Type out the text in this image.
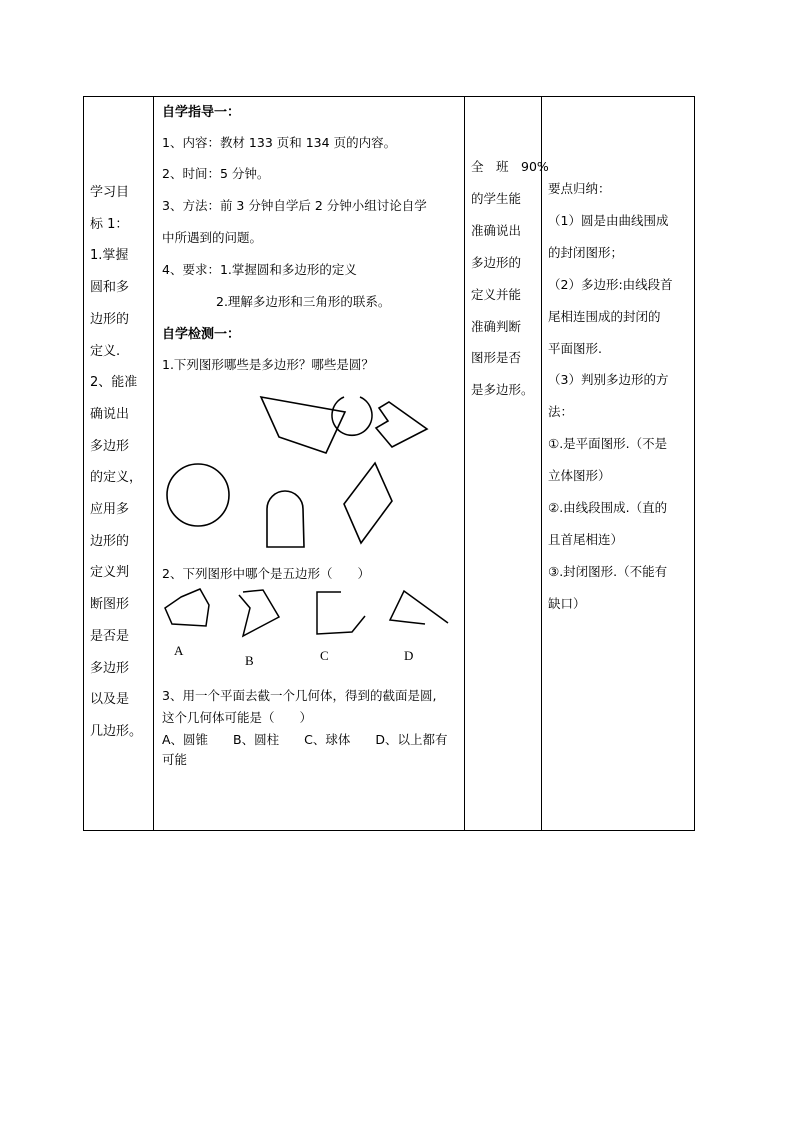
学习目
标 1：
1.掌握
圆和多
边形的
定义.
2、能准
确说出
多边形
的定义，
应用多
边形的
定义判
断图形
是否是
多边形
以及是
几边形。

自学指导一：
1、内容：教材 133 页和 134 页的内容。
2、时间：5 分钟。
3、方法：前 3 分钟自学后 2 分钟小组讨论自学
中所遇到的问题。
4、要求：1.掌握圆和多边形的定义
2.理解多边形和三角形的联系。
自学检测一：
1.下列图形哪些是多边形？哪些是圆？
2、下列图形中哪个是五边形（　　）
A
B	C	D
3、用一个平面去截一个几何体，得到的截面是圆,
这个几何体可能是（　　）
A、圆锥　　B、圆柱　　C、球体　　D、以上都有
可能

全　班　90%
的学生能
准确说出
多边形的
定义并能
准确判断
图形是否
是多边形。

要点归纳：
（1）圆是由曲线围成
的封闭图形；
（2）多边形:由线段首
尾相连围成的封闭的
平面图形.
（3）判别多边形的方
法：
①.是平面图形.（不是
立体图形）
②.由线段围成.（直的
且首尾相连）
③.封闭图形.（不能有
缺口）
